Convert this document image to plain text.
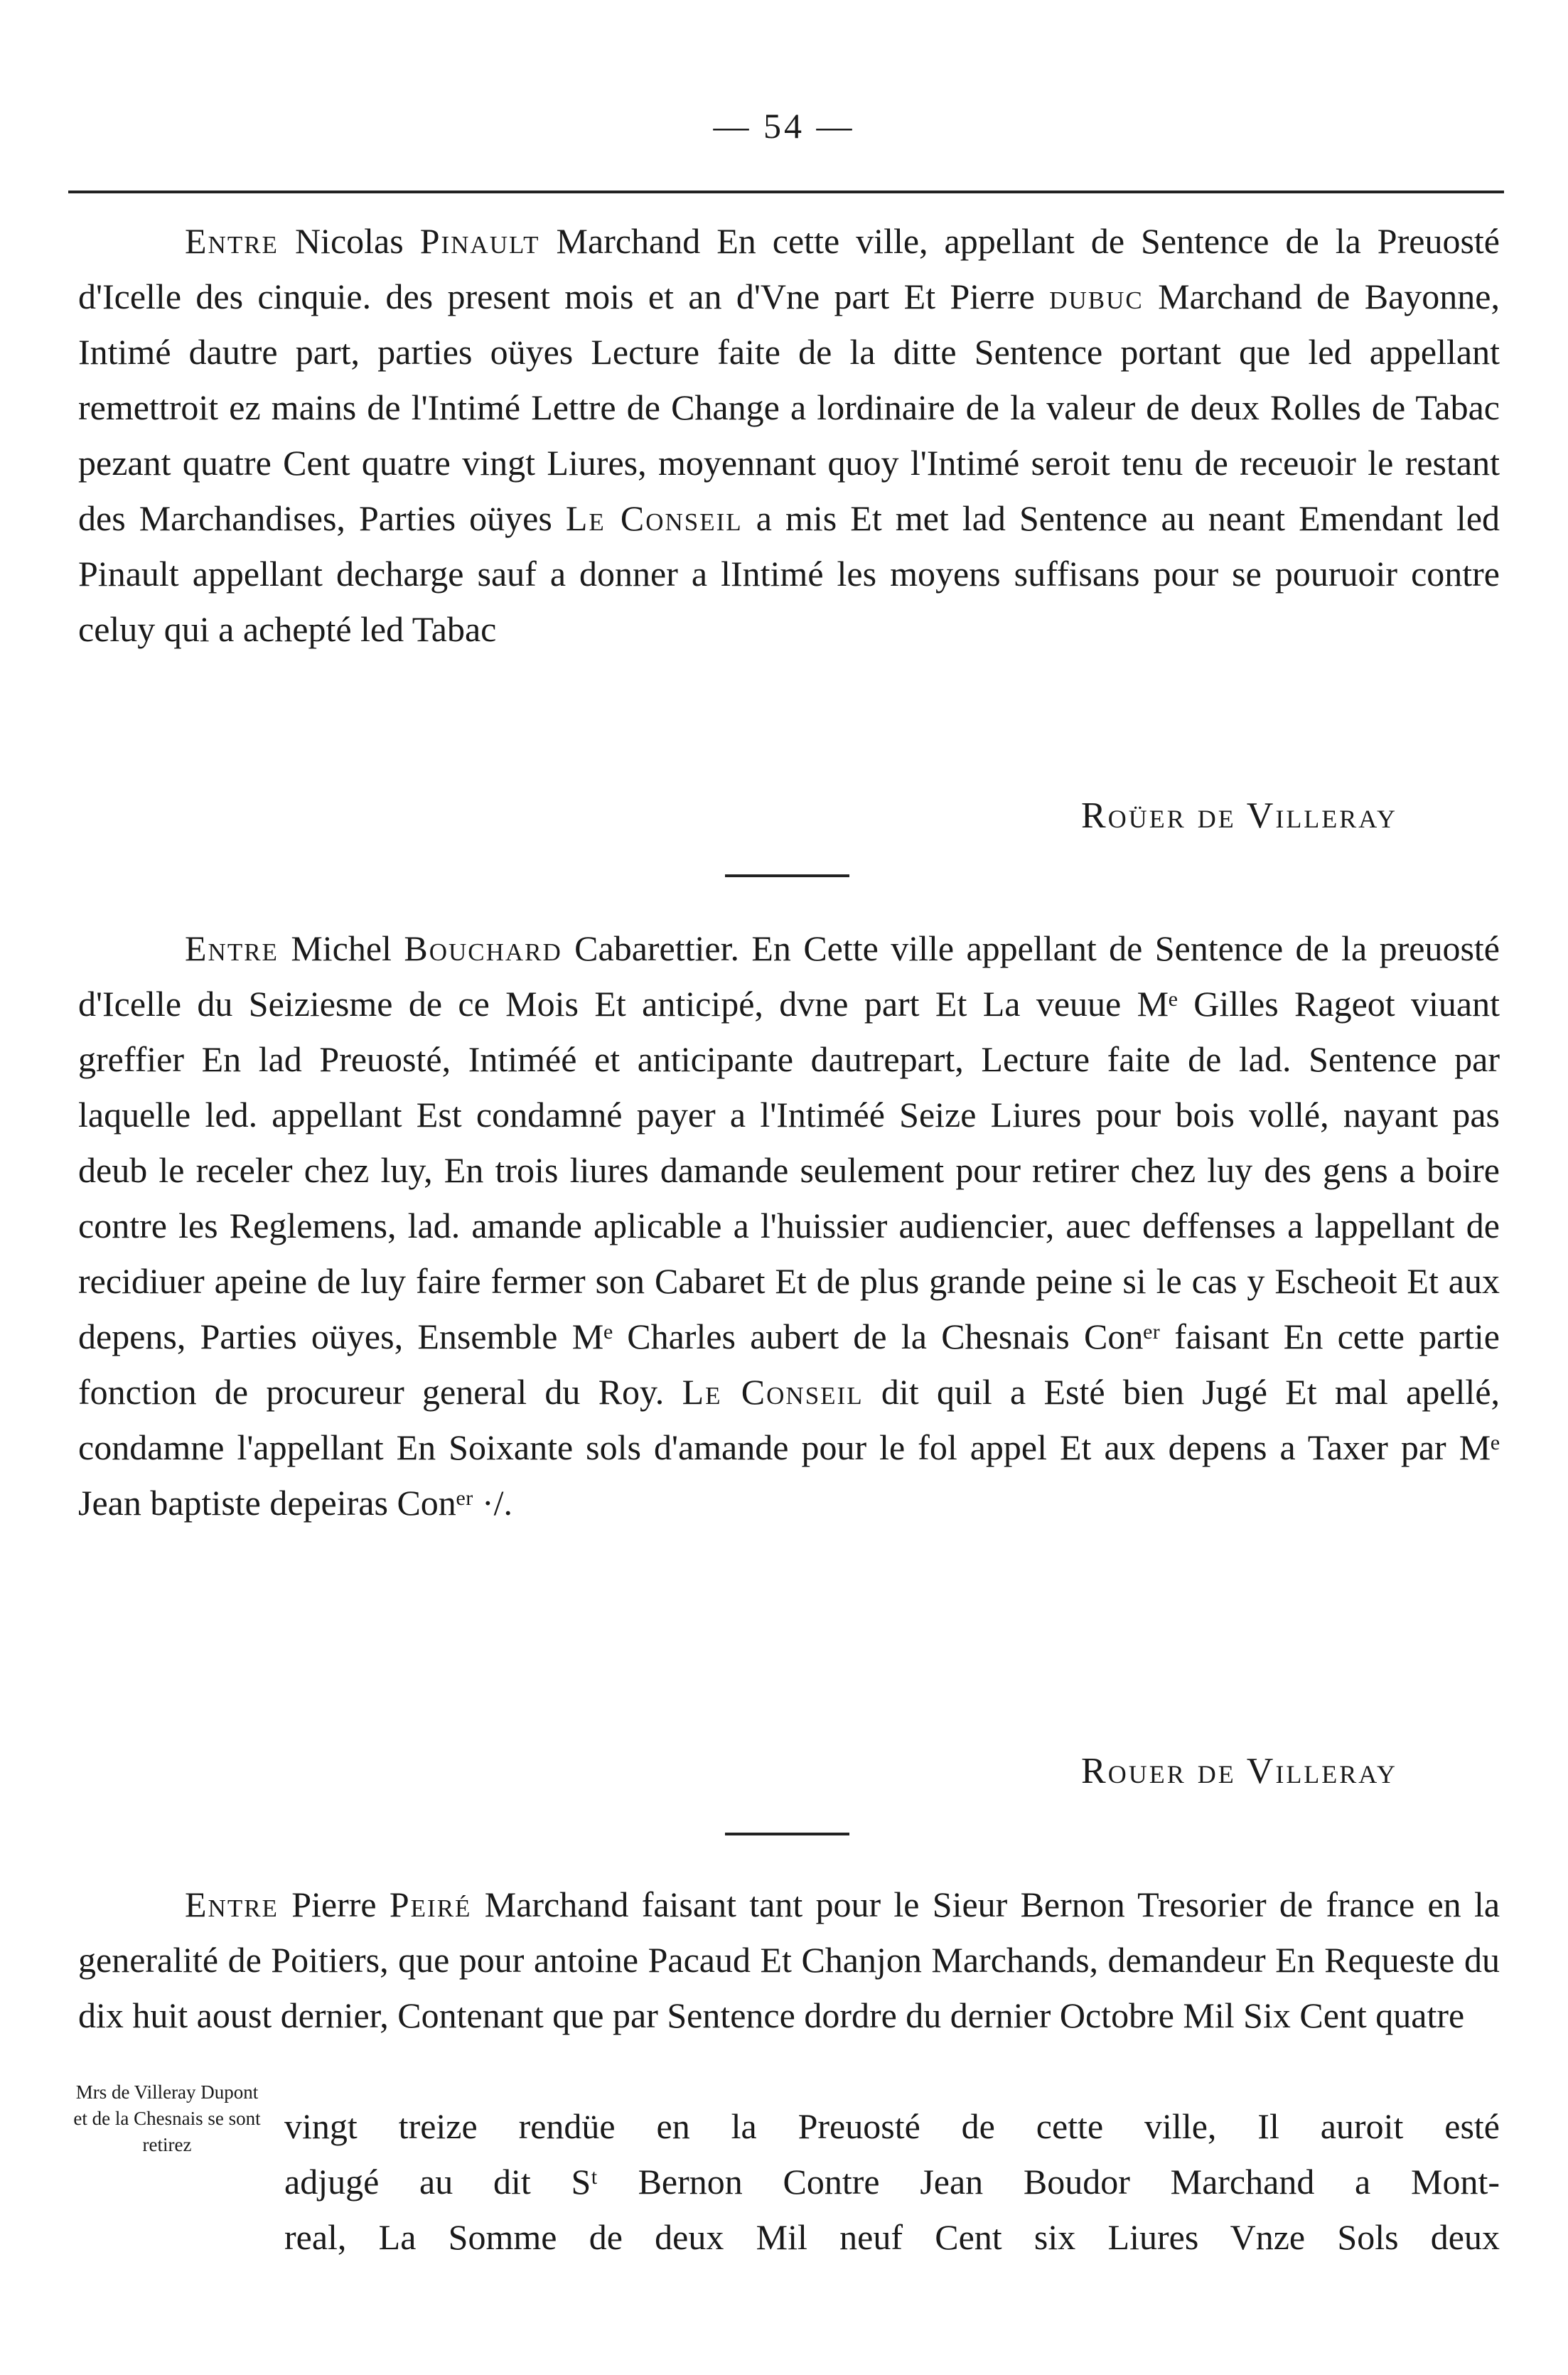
— 54 —

Entre Nicolas Pinault Marchand En cette ville, appellant de Sentence de la Preuosté d'Icelle des cinquie. des present mois et an d'Vne part Et Pierre dubuc Marchand de Bayonne, Intimé dautre part, parties oüyes Lecture faite de la ditte Sentence portant que led appellant remettroit ez mains de l'Intimé Lettre de Change a lordinaire de la valeur de deux Rolles de Tabac pezant quatre Cent quatre vingt Liures, moyennant quoy l'Intimé seroit tenu de receuoir le restant des Marchandises, Parties oüyes Le Conseil a mis Et met lad Sentence au neant Emendant led Pinault appellant decharge sauf a donner a lIntimé les moyens suffisans pour se pouruoir contre celuy qui a achepté led Tabac

Roüer de Villeray

Entre Michel Bouchard Cabarettier. En Cette ville appellant de Sentence de la preuosté d'Icelle du Seiziesme de ce Mois Et anticipé, dvne part Et La veuue Mᵉ Gilles Rageot viuant greffier En lad Preuosté, Intiméé et anticipante dautrepart, Lecture faite de lad. Sentence par laquelle led. appellant Est condamné payer a l'Intiméé Seize Liures pour bois vollé, nayant pas deub le receler chez luy, En trois liures damande seulement pour retirer chez luy des gens a boire contre les Reglemens, lad. amande aplicable a l'huissier audiencier, auec deffenses a lappellant de recidiuer apeine de luy faire fermer son Cabaret Et de plus grande peine si le cas y Escheoit Et aux depens, Parties oüyes, Ensemble Mᵉ Charles aubert de la Chesnais Conᵉʳ faisant En cette partie fonction de procureur general du Roy. Le Conseil dit quil a Esté bien Jugé Et mal apellé, condamne l'appellant En Soixante sols d'amande pour le fol appel Et aux depens a Taxer par Mᵉ Jean baptiste depeiras Conᵉʳ ·/.

Rouer de Villeray

Entre Pierre Peiré Marchand faisant tant pour le Sieur Bernon Tresorier de france en la generalité de Poitiers, que pour antoine Pacaud Et Chanjon Marchands, demandeur En Requeste du dix huit aoust dernier, Contenant que par Sentence dordre du dernier Octobre Mil Six Cent quatre

vingt treize rendüe en la Preuosté de cette ville, Il auroit esté
adjugé au dit Sᵗ Bernon Contre Jean Boudor Marchand a Mont-
real, La Somme de deux Mil neuf Cent six Liures Vnze Sols deux
Mrs de Villeray Dupont et de la Chesnais se sont retirez
